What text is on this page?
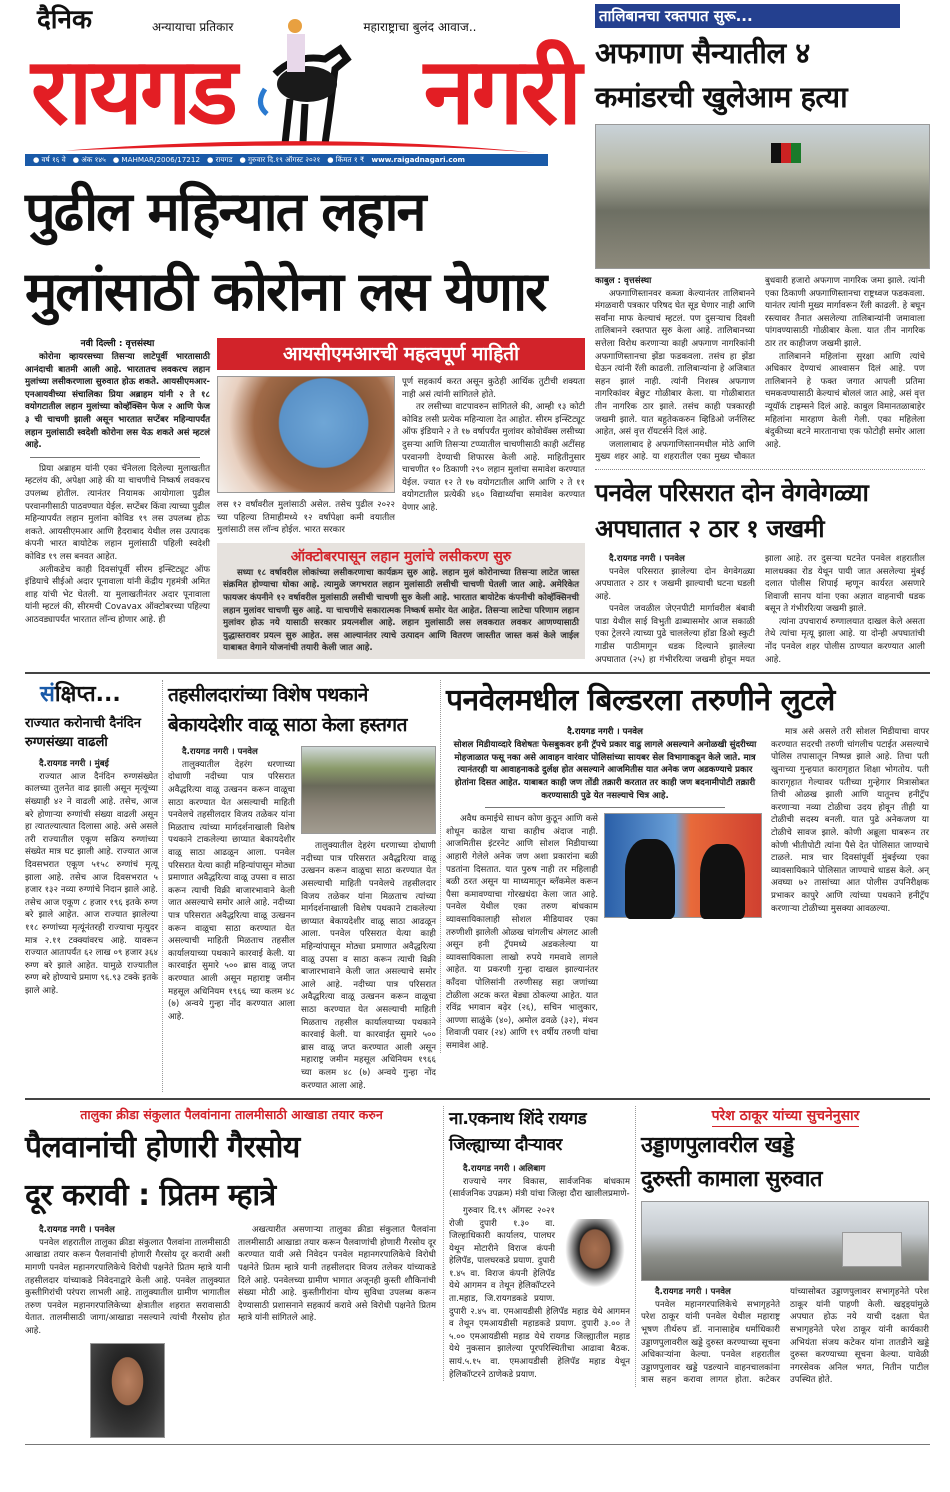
दैनिक	अन्यायाचा प्रतिकार	महाराष्ट्राचा बुलंद आवाज..
रायगड नगरी
● वर्ष १६ वे ● अंक १४५ ● MAHMAR/2006/17212 ● रायगड ● गुरुवार दि.१९ ऑगस्ट २०२१ ● किंमत १ ₹ www.raigadnagari.com
पुढील महिन्यात लहान
मुलांसाठी कोरोना लस येणार
नवी दिल्ली : वृत्तसंस्था
कोरोना व्हायरसच्या तिसऱ्या लाटेपूर्वी भारतासाठी आनंदाची बातमी आली आहे. भारतातच लवकरच लहान मुलांच्या लसीकरणाला सुरुवात होऊ शकते. आयसीएमआर-एनआयवीच्या संचालिका प्रिया अब्राहम यांनी २ ते १८ वयोगटातील लहान मुलांच्या कोव्हॅक्सिन फेज २ आणि फेज ३ ची चाचणी झाली असून भारतात सप्टेंबर महिन्यापर्यंत लहान मुलांसाठी स्वदेशी कोरोना लस येऊ शकते असं म्हटलं आहे.

प्रिया अब्राहम यांनी एका चॅनेलला दिलेल्या मुलाखतीत म्हटलंय की, अपेक्षा आहे की या चाचणीचे निष्कर्ष लवकरच उपलब्ध होतील. त्यानंतर नियामक आयोगाला पुढील परवानगीसाठी पाठवण्यात येईल. सप्टेंबर किंवा त्याच्या पुढील महिन्यापर्यंत लहान मुलांना कोविड १९ लस उपलब्ध होऊ शकते. आयसीएमआर आणि हैदराबाद येथील लस उत्पादक कंपनी भारत बायोटेक लहान मुलांसाठी पहिली स्वदेशी कोविड १९ लस बनवत आहेत.

अलीकडेच काही दिवसांपूर्वी सीरम इन्स्टिट्यूट ऑफ इंडियाचे सीईओ अदार पूनावाला यांनी केंद्रीय गृहमंत्री अमित शाह यांची भेट घेतली. या मुलाखतीनंतर अदार पूनावाला यांनी म्हटलं की, सीरमची Covavax ऑक्टोबरच्या पहिल्या आठवड्यापर्यंत भारतात लॉन्च होणार आहे. ही

आयसीएमआरची महत्वपूर्ण माहिती
लस १२ वर्षांवरील मुलांसाठी असेल. तसेच पुढील २०२२ च्या पहिल्या तिमाहीमध्ये १२ वर्षांपेक्षा कमी वयातील मुलांसाठी लस लॉन्च होईल. भारत सरकार

पूर्ण सहकार्य करत असून कुठेही आर्थिक तुटीची शक्यता नाही असं त्यांनी सांगितले होते.

तर लसीच्या वाटपावरुन सांगितले की, आम्ही १३ कोटी कोविड लसी प्रत्येक महिन्याला देत आहोत. सीरम इन्स्टिट्यूट ऑफ इंडियाने २ ते १७ वर्षापर्यंत मुलांवर कोवोवॅक्स लसीच्या दुसऱ्या आणि तिसऱ्या टप्प्यातील चाचणीसाठी काही अटींसह परवानगी देण्याची शिफारस केली आहे. माहितीनुसार चाचणीत १० ठिकाणी २९० लहान मुलांचा समावेश करण्यात येईल. ज्यात १२ ते १७ वयोगटातील आणि आणि २ ते ११ वयोगटातील प्रत्येकी ४६० विद्यार्थ्यांचा समावेश करण्यात येणार आहे.

ऑक्टोबरपासून लहान मुलांचे लसीकरण सुरु
सध्या १८ वर्षावरील लोकांच्या लसीकरणाचा कार्यक्रम सुरु आहे. लहान मुलं कोरोनाच्या तिसऱ्या लाटेत जास्त संक्रमित होण्याचा धोका आहे. त्यामुळे जगभरात लहान मुलांसाठी लसीची चाचणी घेतली जात आहे. अमेरिकेत फायजर कंपनीने १२ वर्षावरील मुलांसाठी लसीची चाचणी सुरु केली आहे. भारतात बायोटेक कंपनीची कोव्हॅक्सिनची लहान मुलांवर चाचणी सुरु आहे. या चाचणीचे सकारात्मक निष्कर्ष समोर येत आहेत. तिसऱ्या लाटेचा परिणाम लहान मुलांवर होऊ नये यासाठी सरकार प्रयत्नशील आहे. लहान मुलांसाठी लस लवकरात लवकर आणण्यासाठी युद्धास्तरावर प्रयत्न सुरु आहेत. लस आल्यानंतर त्याचे उत्पादन आणि वितरण जास्तीत जास्त कसं केले जाईल याबाबत वेगाने योजनांची तयारी केली जात आहे.
तालिबानचा रक्तपात सुरू...
अफगाण सैन्यातील ४
कमांडरची खुलेआम हत्या
काबुल : वृत्तसंस्था

अफगाणिस्तानवर कब्जा केल्यानंतर तालिबानने मंगळवारी पत्रकार परिषद घेत सूड घेणार नाही आणि सर्वांना माफ केल्याचं म्हटलं. पण दुसऱ्याच दिवशी तालिबानने रक्तपात सुरु केला आहे. तालिबानच्या सत्तेला विरोध करणाऱ्या काही अफगाण नागरिकांनी अफगाणिस्तानचा झेंडा फडकवला. तसंच हा झेंडा घेऊन त्यांनी रॅली काढली. तालिबान्यांना हे अजिबात सहन झालं नाही. त्यांनी निशस्त्र अफगाण नागरिकांवर बेछुट गोळीबार केला. या गोळीबारात तीन नागरिक ठार झाले. तसंच काही पत्रकारही जखमी झाले. यात बहुतेककरुन व्हिडिओ जर्नलिस्ट आहेत, असं वृत्त रॉयटर्सने दिलं आहे.

जलालाबाद हे अफगाणिस्तानमधील मोठे आणि मुख्य शहर आहे. या शहरातील एका मुख्य चौकात बुधवारी हजारो अफगाण नागरिक जमा झाले. त्यांनी एका ठिकाणी अफगाणिस्तानचा राष्ट्रध्वज फडकवला. यानंतर त्यांनी मुख्य मार्गावरून रॅली काढली. हे बघून रस्त्यावर तैनात असलेल्या तालिबान्यांनी जमावाला पांगवण्यासाठी गोळीबार केला. यात तीन नागरिक ठार तर काहीजण जखमी झाले.

तालिबानने महिलांना सुरक्षा आणि त्यांचे अधिकार देण्याचं आश्वासन दिलं आहे. पण तालिबानने हे फक्त जगात आपली प्रतिमा चमकवण्यासाठी केल्याचं बोललं जात आहे, असं वृत्त न्यूयॉर्क टाइम्सने दिलं आहे. काबुल विमानतळाबाहेर महिलांना मारहाण केली गेली. एका महिलेला बंदुकीच्या बटने मारतानाचा एक फोटोही समोर आला आहे.

पनवेल परिसरात दोन वेगवेगळ्या
अपघातात २ ठार १ जखमी
दै.रायगड नगरी । पनवेल

पनवेल परिसरात झालेल्या दोन वेगवेगळ्या अपघातात २ ठार १ जखमी झाल्याची घटना घडली आहे.

पनवेल जवळील जेएनपीटी मार्गावरील बंबावी पाडा येथील साई विभुती ढाब्यासमोर आज सकाळी एका ट्रेलरने त्याच्या पुढे चाललेल्या होंडा डिओ स्कुटी गाडीस पाठीमागून धडक दिल्याने झालेल्या अपघातात (२५) हा गंभीररित्या जखमी होवून मयत झाला आहे. तर दुसऱ्या घटनेत पनवेल शहरातील मालधक्का रोड येथून पायी जात असलेल्या मुंबई दलात पोलीस शिपाई म्हणून कार्यरत असणारे शिवाजी सानप यांना एका अज्ञात वाहनाची धडक बसून ते गंभीररित्या जखमी झाले.

त्यांना उपचारार्थ रुग्णालयात दाखल केले असता तेथे त्यांचा मृत्यू झाला आहे. या दोन्ही अपघातांची नोंद पनवेल शहर पोलीस ठाण्यात करण्यात आली आहे.

संक्षिप्त...
राज्यात करोनाची दैनंदिन रुग्णसंख्या वाढली
दै.रायगड नगरी । मुंबई

राज्यात आज दैनंदिन रुग्णसंख्येत कालच्या तुलनेत वाढ झाली असून मृत्यूंच्या संख्याही ४२ ने वाढली आहे. तसेच, आज बरे होणाऱ्या रुग्णांची संख्या वाढली असून हा त्यातल्यात्यात दिलासा आहे. असे असले तरी राज्यातील एकूण सक्रिय रुग्णांच्या संख्येत मात्र घट झाली आहे. राज्यात आज दिवसभरात एकूण ५१५८ रुग्णांचं मृत्यू झाला आहे. तसेच आज दिवसभरात ५ हजार १३२ नव्या रुग्णांचे निदान झाले आहे. तसेच आज एकूण ८ हजार १९६ इतके रुग्ण बरे झाले आहेत. आज राज्यात झालेल्या ११८ रुग्णांच्या मृत्यूंनंतरही राज्याचा मृत्युदर मात्र २.११ टक्क्यांवरच आहे. यावरून राज्यात आतापर्यंत ६२ लाख ०९ हजार ३६४ रुग्ण बरे झाले आहेत. यामुळे राज्यातील रुग्ण बरे होण्याचे प्रमाण ९६.९३ टक्के इतके झाले आहे.

तहसीलदारांच्या विशेष पथकाने
बेकायदेशीर वाळू साठा केला हस्तगत
दै.रायगड नगरी । पनवेल

तालुक्यातील देहरंग धरणाच्या दोधाणी नदीच्या पात्र परिसरात अवैद्धरित्या वाळू उत्खनन करून वाळूचा साठा करण्यात येत असल्याची माहिती पनवेलचे तहसीलदार विजय तळेकर यांना मिळताच त्यांच्या मार्गदर्शनाखाली विशेष पथकाने टाकलेल्या छाप्यात बेकायदेशीर वाळू साठा आढळून आला. पनवेल परिसरात येत्या काही महिन्यांपासून मोठ्या प्रमाणात अवैद्धरित्या वाळू उपसा व साठा करून त्याची विक्री बाजारभावाने केली जात असल्याचे समोर आले आहे. नदीच्या पात्र परिसरात अवैद्धरित्या वाळू उत्खनन करून वाळूचा साठा करण्यात येत असल्याची माहिती मिळताच तहसील कार्यालयाच्या पथकाने कारवाई केली. या कारवाईत सुमारे ५०० ब्रास वाळू जप्त करण्यात आली असून महाराष्ट्र जमीन महसूल अधिनियम १९६६ च्या कलम ४८ (७) अन्वये गुन्हा नोंद करण्यात आला आहे.

तालुक्यातील देहरंग धरणाच्या दोधाणी नदीच्या पात्र परिसरात अवैद्धरित्या वाळू उत्खनन करून वाळूचा साठा करण्यात येत असल्याची माहिती पनवेलचे तहसीलदार विजय तळेकर यांना मिळताच त्यांच्या मार्गदर्शनाखाली विशेष पथकाने टाकलेल्या छाप्यात बेकायदेशीर वाळू साठा आढळून आला. पनवेल परिसरात येत्या काही महिन्यांपासून मोठ्या प्रमाणात अवैद्धरित्या वाळू उपसा व साठा करून त्याची विक्री बाजारभावाने केली जात असल्याचे समोर आले आहे. नदीच्या पात्र परिसरात अवैद्धरित्या वाळू उत्खनन करून वाळूचा साठा करण्यात येत असल्याची माहिती मिळताच तहसील कार्यालयाच्या पथकाने कारवाई केली. या कारवाईत सुमारे ५०० ब्रास वाळू जप्त करण्यात आली असून महाराष्ट्र जमीन महसूल अधिनियम १९६६ च्या कलम ४८ (७) अन्वये गुन्हा नोंद करण्यात आला आहे.

पनवेलमधील बिल्डरला तरुणीने लुटले
दै.रायगड नगरी । पनवेल
सोशल मिडीयाव्दारे विशेषतः फेसबुकवर हनी ट्रॅपचे प्रकार वाढु लागले असल्याने अनोळखी सुंदरीच्या मोहजाळात फसू नका असे आवाहन वारंवार पोलिसांच्या सायबर सेल विभागाकडून केले जाते. मात्र त्यानंतरही या आवाहनाकडे दुर्लक्ष होत असल्याने आजमितीस यात अनेक जण अडकण्याचे प्रकार होतांना दिसत आहेत. याबाबत काही जण तोंडी तक्रारी करतात तर काही जण बदनामीपोटी तक्रारी करण्यासाठी पुढे येत नसल्याचे चित्र आहे.

अवैध कमाईचे साधन कोण कुठून आणि कसे शोधून काढेल याचा काहीच अंदाज नाही. आजमितीस इंटरनेट आणि सोशल मिडीयाच्या आहारी गेलेले अनेक जण अशा प्रकारांना बळी पडतांना दिसतात. यात पुरुष नाही तर महिलाही बळी ठरत असून या माध्यमातून ब्लॅकमेल करून पैसा कमावण्याचा गोरखधंदा केला जात आहे. पनवेल येथील एका तरुण बांधकाम व्यावसायिकालाही सोशल मीडियावर एका तरुणीशी झालेली ओळख चांगलीच अंगलट आली असून हनी ट्रॅपमध्ये अडकलेल्या या व्यावसायिकाला लाखो रुपये गमवावे लागले आहेत. या प्रकरणी गुन्हा दाखल झाल्यानंतर काँदवा पोलिसांनी तरुणीसह सहा जणांच्या टोळीला अटक करत बेड्या ठोकल्या आहेत. यात रविंद्र भगवान बढ़ेर (२६), सचिन भालुकार, आण्णा साळुंके (४०), अमोल ढवळे (३२), मंथन शिवाजी पवार (२४) आणि १९ वर्षीय तरुणी यांचा समावेश आहे.

मात्र असे असले तरी सोशल मिडीयाचा वापर करण्यात सदरची तरुणी चांगलीच पटाईत असल्याचे पोलिस तपासातून निष्पन्न झाले आहे. तिचा पती खुनाच्या गुन्हयात कारागृहात शिक्षा भोगतोय. पती कारागृहात गेल्यावर पतीच्या गुन्हेगार मित्रासोबत तिची ओळख झाली आणि यातूनच हनीट्रॅप करणाऱ्या नव्या टोळीचा उदय होवून तीही या टोळीची सदस्य बनली. यात पुढे अनेकजण या टोळीचे सावज झाले. कोणी अब्रूला घाबरून तर कोणी भीतीपोटी त्यांना पैसे देत पोलिसात जाण्याचे टाळले. मात्र चार दिवसांपूर्वी मुंबईच्या एका व्यावसायिकाने पोलिसात जाण्याचे धाडस केले. अन् अवघ्या ७२ तासांच्या आत पोलीस उपनिरीक्षक प्रभाकर कापुरे आणि त्यांच्या पथकाने हनीट्रॅप करणाऱ्या टोळीच्या मुसक्या आवळल्या.

तालुका क्रीडा संकुलात पैलवांनाना तालमीसाठी आखाडा तयार करुन
पैलवानांची होणारी गैरसोय
दूर करावी : प्रितम म्हात्रे
दै.रायगड नगरी । पनवेल

पनवेल शहरातील तालुका क्रीडा संकुलात पैलवांना तालमीसाठी आखाडा तयार करून पैलवानांची होणारी गैरसोय दूर करावी अशी मागणी पनवेल महानगरपालिकेचे विरोधी पक्षनेते प्रितम म्हात्रे यानी तहसीलदार यांच्याकडे निवेदनाद्वारे केली आहे. पनवेल तालुक्यात कुस्तीगिरांची परंपरा लाभली आहे. तालुक्यातील ग्रामीण भागातील तरुण पनवेल महानगरपालिकेच्या क्षेत्रातील शहरात सरावासाठी येतात. तालमीसाठी जागा/आखाडा नसल्याने त्यांची गैरसोय होत आहे.

अखत्यारीत असणाऱ्या तालुका क्रीडा संकुलात पैलवांना तालमीसाठी आखाडा तयार करून पैलवाणांची होणारी गैरसोय दूर करण्यात यावी असे निवेदन पनवेल महानगरपालिकेचे विरोधी पक्षनेते प्रितम म्हात्रे यानी तहसीलदार विजय तलेकर यांच्याकडे दिले आहे. पनवेलच्या ग्रामीण भागात अजूनही कुस्ती शौकिनांची संख्या मोठी आहे. कुस्तीगीरांना योग्य सुविधा उपलब्ध करून देण्यासाठी प्रशासनाने सहकार्य करावे असे विरोधी पक्षनेते प्रितम म्हात्रे यांनी सांगितले आहे.

ना.एकनाथ शिंदे रायगड
जिल्ह्याच्या दौऱ्यावर
दै.रायगड नगरी । अलिबाग

राज्याचे नगर विकास, सार्वजनिक बांधकाम (सार्वजनिक उपक्रम) मंत्री यांचा जिल्हा दौरा खालीलप्रमाणे-

गुरुवार दि.१९ ऑगस्ट २०२१ रोजी दुपारी १.३० वा. जिल्हाधिकारी कार्यालय, पालघर येथून मोटारीने विराज कंपनी हेलिपॅड, पालघरकडे प्रयाण. दुपारी १.४५ वा. विराज कंपनी हेलिपॅड येथे आगमन व तेथून हेलिकॉप्टरने ता.महाड, जि.रायगडकडे प्रयाण. दुपारी २.४५ वा. एमआयडीसी हेलिपॅड महाड येथे आगमन व तेथून एमआयडीसी महाडकडे प्रयाण. दुपारी ३.०० ते ५.०० एमआयडीसी महाड येथे रायगड जिल्ह्यातील महाड येथे नुकसान झालेल्या पूरपरिस्थितीचा आढावा बैठक. सायं.५.१५ वा. एमआयडीसी हेलिपॅड महाड येथून हेलिकॉप्टरने ठाणेकडे प्रयाण.

परेश ठाकूर यांच्या सुचनेनुसार
उड्डाणपुलावरील खड्डे
दुरुस्ती कामाला सुरुवात
दै.रायगड नगरी । पनवेल

पनवेल महानगरपालिकेचे सभागृहनेते परेश ठाकूर यांनी पनवेल येथील महाराष्ट्र भूषण तीर्थरुप डॉ. नानासाहेब धर्माधिकारी उड्डाणपुलावरील खड्डे दुरुस्त करण्याच्या सूचना अधिकाऱ्यांना केल्या. पनवेल शहरातील उड्डाणपुलावर खड्डे पडल्याने वाहनचालकांना त्रास सहन करावा लागत होता. कटेकर यांच्यासोबत उड्डाणपुलावर सभागृहनेते परेश ठाकूर यांनी पाहणी केली. खड्ड्यांमुळे अपघात होऊ नये याची दक्षता घेत सभागृहनेते परेश ठाकूर यांनी कार्यकारी अभियंता संजय कटेकर यांना तातडीने खड्डे दुरुस्त करण्याच्या सूचना केल्या. यावेळी नगरसेवक अनिल भगत, नितीन पाटील उपस्थित होते.
